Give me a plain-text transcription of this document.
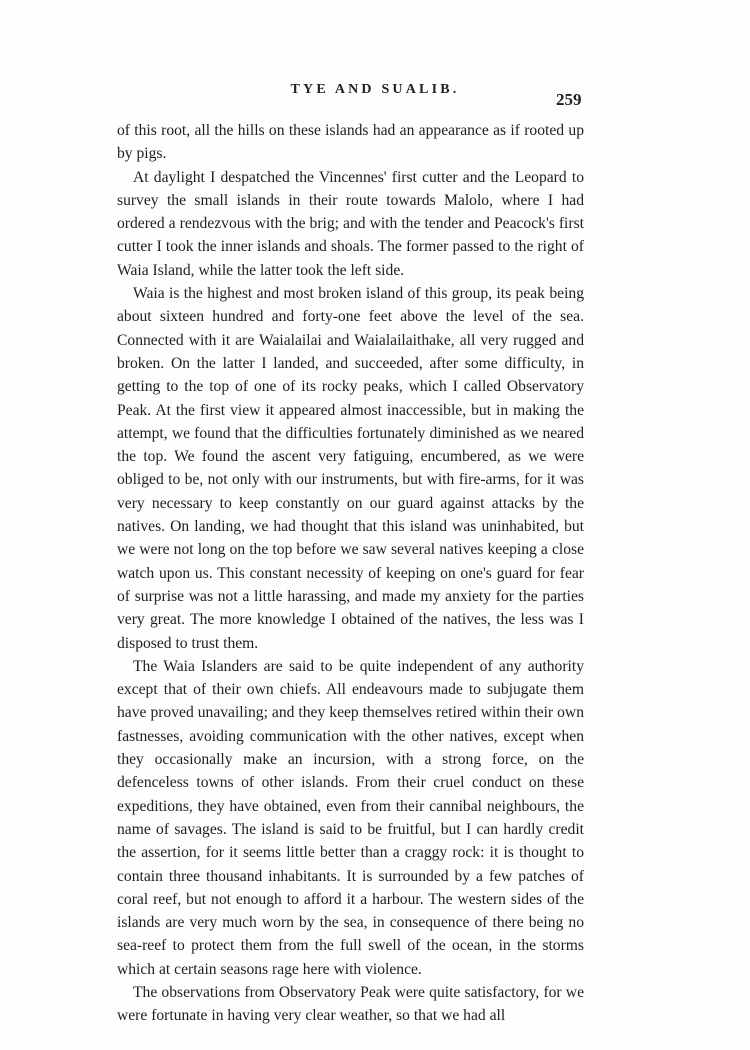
TYE AND SUALIB.
259

of this root, all the hills on these islands had an appearance as if rooted up by pigs.

At daylight I despatched the Vincennes' first cutter and the Leopard to survey the small islands in their route towards Malolo, where I had ordered a rendezvous with the brig; and with the tender and Peacock's first cutter I took the inner islands and shoals. The former passed to the right of Waia Island, while the latter took the left side.

Waia is the highest and most broken island of this group, its peak being about sixteen hundred and forty-one feet above the level of the sea. Connected with it are Waialailai and Waialailaithake, all very rugged and broken. On the latter I landed, and succeeded, after some difficulty, in getting to the top of one of its rocky peaks, which I called Observatory Peak. At the first view it appeared almost inaccessible, but in making the attempt, we found that the difficulties fortunately diminished as we neared the top. We found the ascent very fatiguing, encumbered, as we were obliged to be, not only with our instruments, but with fire-arms, for it was very necessary to keep constantly on our guard against attacks by the natives. On landing, we had thought that this island was uninhabited, but we were not long on the top before we saw several natives keeping a close watch upon us. This constant necessity of keeping on one's guard for fear of surprise was not a little harassing, and made my anxiety for the parties very great. The more knowledge I obtained of the natives, the less was I disposed to trust them.

The Waia Islanders are said to be quite independent of any authority except that of their own chiefs. All endeavours made to subjugate them have proved unavailing; and they keep themselves retired within their own fastnesses, avoiding communication with the other natives, except when they occasionally make an incursion, with a strong force, on the defenceless towns of other islands. From their cruel conduct on these expeditions, they have obtained, even from their cannibal neighbours, the name of savages. The island is said to be fruitful, but I can hardly credit the assertion, for it seems little better than a craggy rock: it is thought to contain three thousand inhabitants. It is surrounded by a few patches of coral reef, but not enough to afford it a harbour. The western sides of the islands are very much worn by the sea, in consequence of there being no sea-reef to protect them from the full swell of the ocean, in the storms which at certain seasons rage here with violence.

The observations from Observatory Peak were quite satisfactory, for we were fortunate in having very clear weather, so that we had all
